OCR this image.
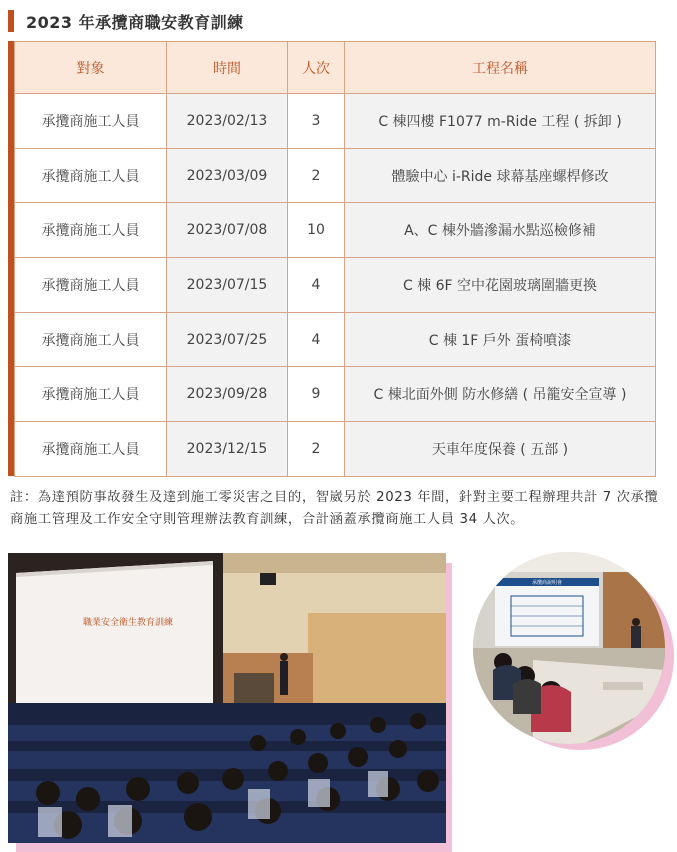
2023 年承攬商職安教育訓練
對象	時間	人次	工程名稱
承攬商施工人員	2023/02/13	3	C 棟四樓 F1077 m-Ride 工程 ( 拆卸 )
承攬商施工人員	2023/03/09	2	體驗中心 i-Ride 球幕基座螺桿修改
承攬商施工人員	2023/07/08	10	A、C 棟外牆滲漏水點巡檢修補
承攬商施工人員	2023/07/15	4	C 棟 6F 空中花園玻璃圍牆更換
承攬商施工人員	2023/07/25	4	C 棟 1F 戶外 蛋椅噴漆
承攬商施工人員	2023/09/28	9	C 棟北面外側 防水修繕 ( 吊籠安全宣導 )
承攬商施工人員	2023/12/15	2	天車年度保養 ( 五部 )

註：為達預防事故發生及達到施工零災害之目的，智崴另於 2023 年間，針對主要工程辦理共計 7 次承攬商施工管理及工作安全守則管理辦法教育訓練，合計涵蓋承攬商施工人員 34 人次。

職業安全衛生教育訓練
承攬商說明會
